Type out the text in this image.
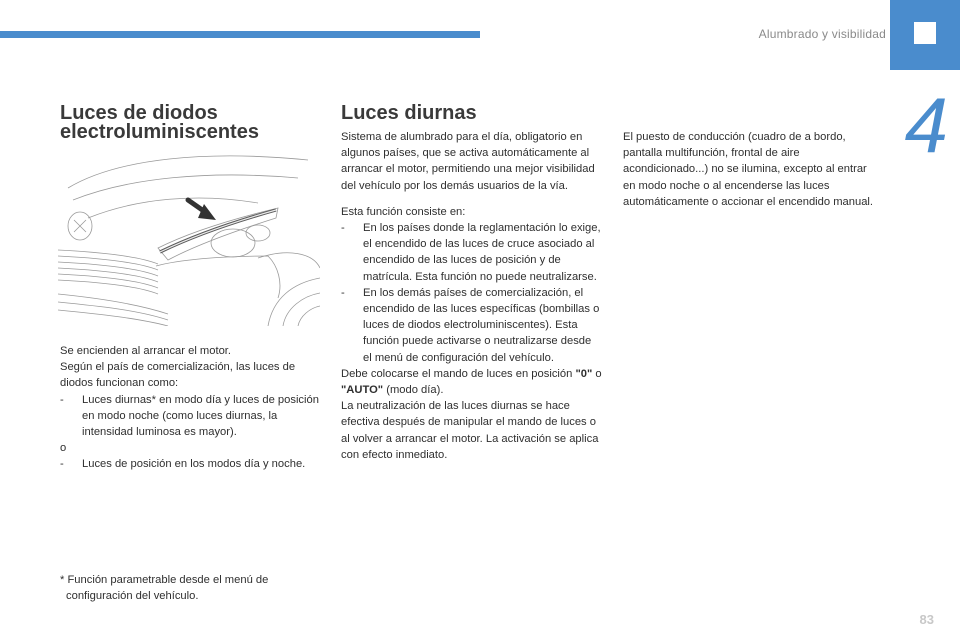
Alumbrado y visibilidad
4
Luces de diodos
electroluminiscentes

Se encienden al arrancar el motor.

Según el país de comercialización, las luces de diodos funcionan como:

- Luces diurnas* en modo día y luces de posición en modo noche (como luces diurnas, la intensidad luminosa es mayor).

o

- Luces de posición en los modos día y noche.
* Función parametrable desde el menú de
configuración del vehículo.
Luces diurnas

Sistema de alumbrado para el día, obligatorio en algunos países, que se activa automáticamente al arrancar el motor, permitiendo una mejor visibilidad del vehículo por los demás usuarios de la vía.

Esta función consiste en:

- En los países donde la reglamentación lo exige, el encendido de las luces de cruce asociado al encendido de las luces de posición y de matrícula. Esta función no puede neutralizarse.
- En los demás países de comercialización, el encendido de las luces específicas (bombillas o luces de diodos electroluminiscentes). Esta función puede activarse o neutralizarse desde el menú de configuración del vehículo.

Debe colocarse el mando de luces en posición "0" o "AUTO" (modo día).

La neutralización de las luces diurnas se hace efectiva después de manipular el mando de luces o al volver a arrancar el motor. La activación se aplica con efecto inmediato.

El puesto de conducción (cuadro de a bordo, pantalla multifunción, frontal de aire acondicionado...) no se ilumina, excepto al entrar en modo noche o al encenderse las luces automáticamente o accionar el encendido manual.

83
